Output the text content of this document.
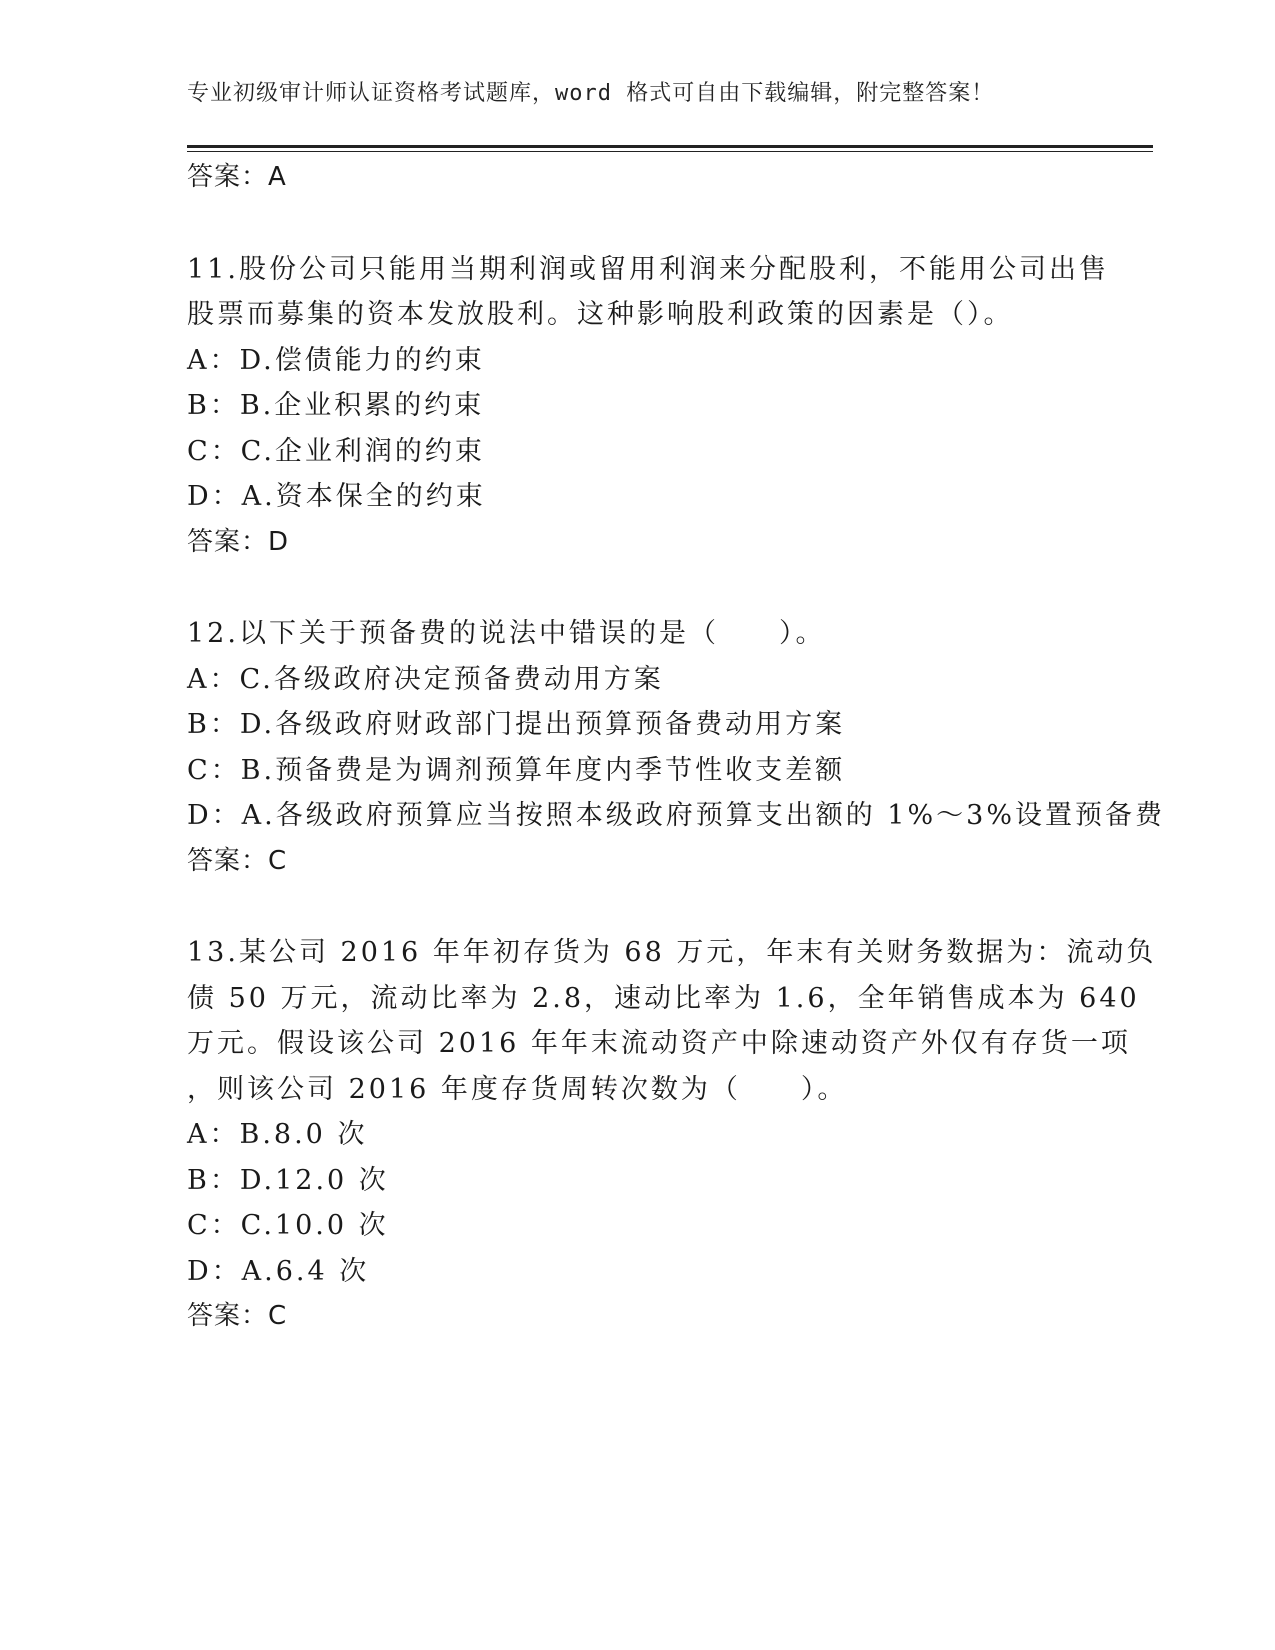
专业初级审计师认证资格考试题库，word 格式可自由下载编辑，附完整答案！
答案：A
11.股份公司只能用当期利润或留用利润来分配股利，不能用公司出售
股票而募集的资本发放股利。这种影响股利政策的因素是（）。
A：D.偿债能力的约束
B：B.企业积累的约束
C：C.企业利润的约束
D：A.资本保全的约束
答案：D
12.以下关于预备费的说法中错误的是（　　）。
A：C.各级政府决定预备费动用方案
B：D.各级政府财政部门提出预算预备费动用方案
C：B.预备费是为调剂预算年度内季节性收支差额
D：A.各级政府预算应当按照本级政府预算支出额的 1%～3%设置预备费
答案：C
13.某公司 2016 年年初存货为 68 万元，年末有关财务数据为：流动负
债 50 万元，流动比率为 2.8，速动比率为 1.6，全年销售成本为 640
万元。假设该公司 2016 年年末流动资产中除速动资产外仅有存货一项
，则该公司 2016 年度存货周转次数为（　　）。
A：B.8.0 次
B：D.12.0 次
C：C.10.0 次
D：A.6.4 次
答案：C
